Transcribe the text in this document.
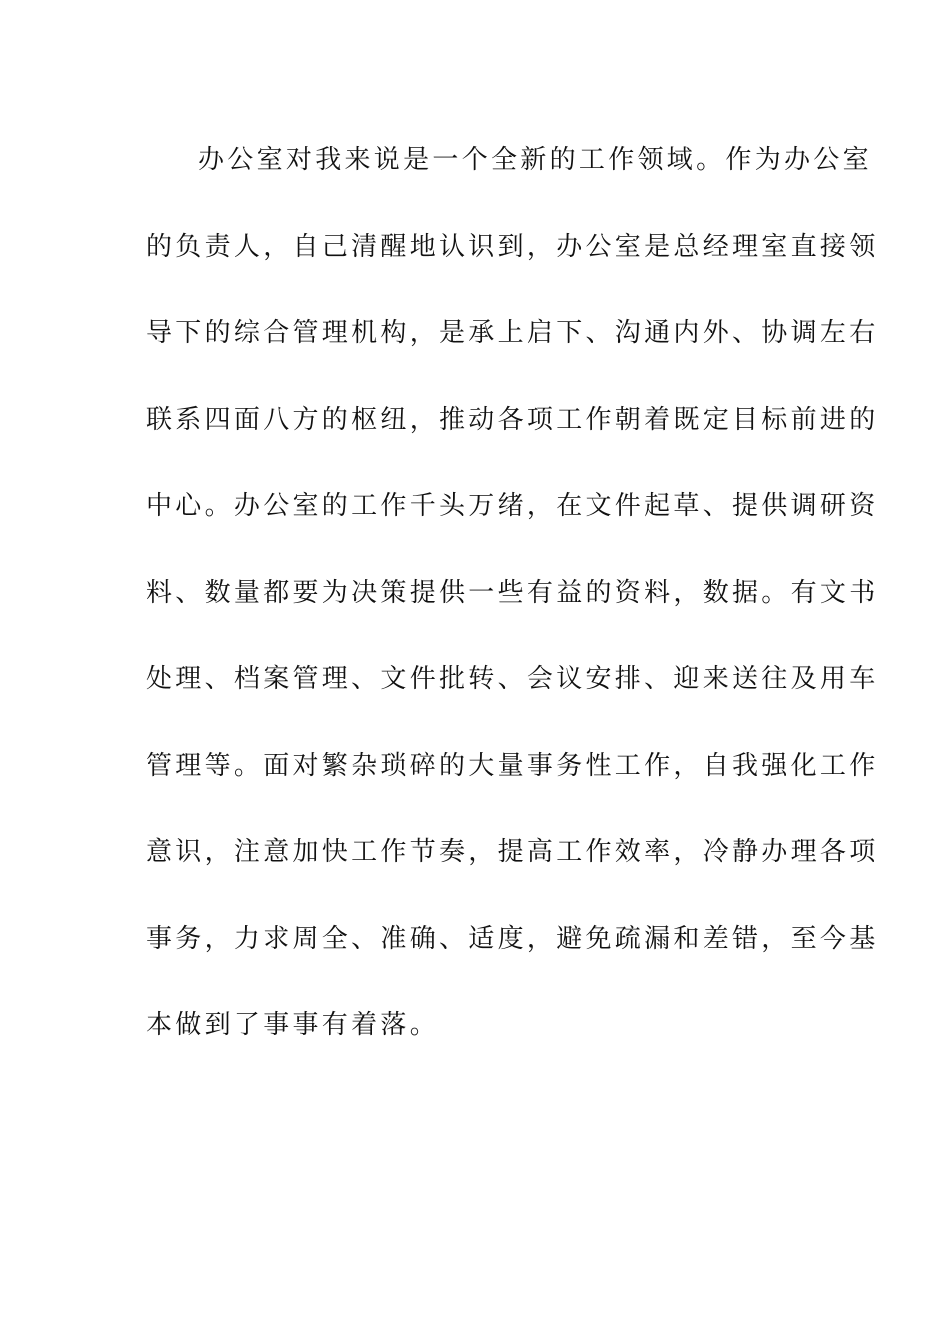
办公室对我来说是一个全新的工作领域。作为办公室
的负责人，自己清醒地认识到，办公室是总经理室直接领
导下的综合管理机构，是承上启下、沟通内外、协调左右
联系四面八方的枢纽，推动各项工作朝着既定目标前进的
中心。办公室的工作千头万绪，在文件起草、提供调研资
料、数量都要为决策提供一些有益的资料，数据。有文书
处理、档案管理、文件批转、会议安排、迎来送往及用车
管理等。面对繁杂琐碎的大量事务性工作，自我强化工作
意识，注意加快工作节奏，提高工作效率，冷静办理各项
事务，力求周全、准确、适度，避免疏漏和差错，至今基
本做到了事事有着落。
